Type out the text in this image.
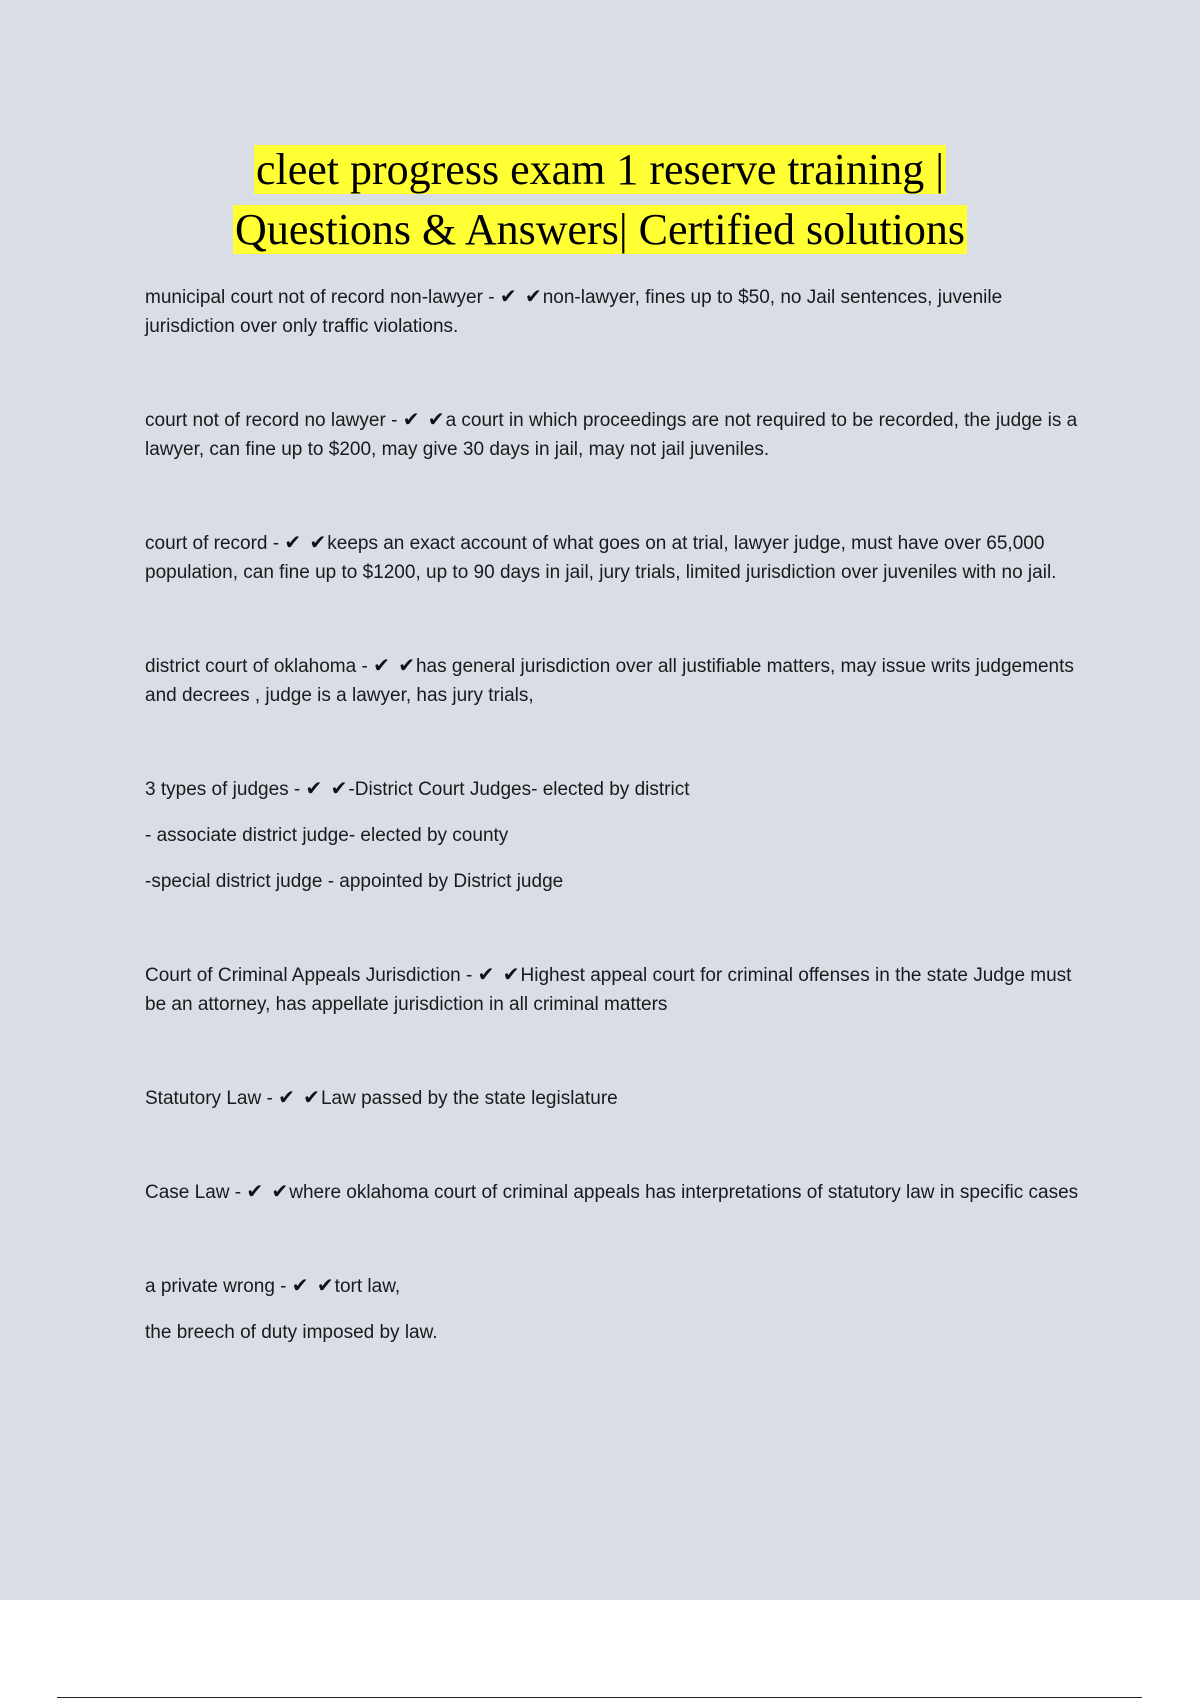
cleet progress exam 1 reserve training |
Questions & Answers| Certified solutions

municipal court not of record non-lawyer - ✔ ✔non-lawyer, fines up to $50, no Jail sentences, juvenile jurisdiction over only traffic violations.

court not of record no lawyer - ✔ ✔a court in which proceedings are not required to be recorded, the judge is a lawyer, can fine up to $200, may give 30 days in jail, may not jail juveniles.

court of record - ✔ ✔keeps an exact account of what goes on at trial, lawyer judge, must have over 65,000 population, can fine up to $1200, up to 90 days in jail, jury trials, limited jurisdiction over juveniles with no jail.

district court of oklahoma - ✔ ✔has general jurisdiction over all justifiable matters, may issue writs judgements and decrees , judge is a lawyer, has jury trials,

3 types of judges - ✔ ✔-District Court Judges- elected by district

- associate district judge- elected by county

-special district judge - appointed by District judge

Court of Criminal Appeals Jurisdiction - ✔ ✔Highest appeal court for criminal offenses in the state Judge must be an attorney, has appellate jurisdiction in all criminal matters

Statutory Law - ✔ ✔Law passed by the state legislature

Case Law - ✔ ✔where oklahoma court of criminal appeals has interpretations of statutory law in specific cases

a private wrong - ✔ ✔tort law,

the breech of duty imposed by law.
